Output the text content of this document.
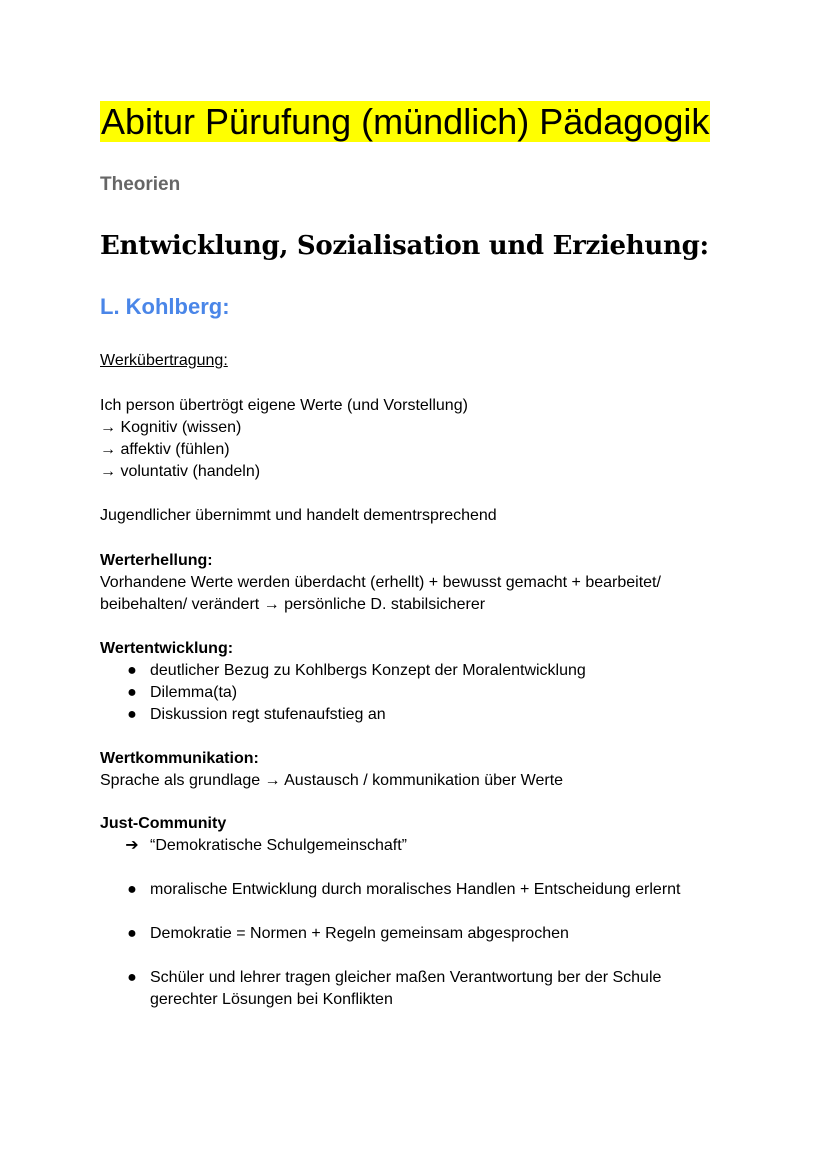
Abitur Pürufung (mündlich) Pädagogik
Theorien
Entwicklung, Sozialisation und Erziehung:
L. Kohlberg:
Werkübertragung:
Ich person übertrögt eigene Werte (und Vorstellung)
→ Kognitiv (wissen)
→ affektiv (fühlen)
→ voluntativ (handeln)
Jugendlicher übernimmt und handelt dementrsprechend
Werterhellung:
Vorhandene Werte werden überdacht (erhellt) + bewusst gemacht + bearbeitet/
beibehalten/ verändert → persönliche D. stabilsicherer
Wertentwicklung:
● deutlicher Bezug zu Kohlbergs Konzept der Moralentwicklung
● Dilemma(ta)
● Diskussion regt stufenaufstieg an
Wertkommunikation:
Sprache als grundlage → Austausch / kommunikation über Werte
Just-Community
➔ “Demokratische Schulgemeinschaft”
● moralische Entwicklung durch moralisches Handlen + Entscheidung erlernt
● Demokratie = Normen + Regeln gemeinsam abgesprochen
● Schüler und lehrer tragen gleicher maßen Verantwortung ber der Schule
gerechter Lösungen bei Konflikten
